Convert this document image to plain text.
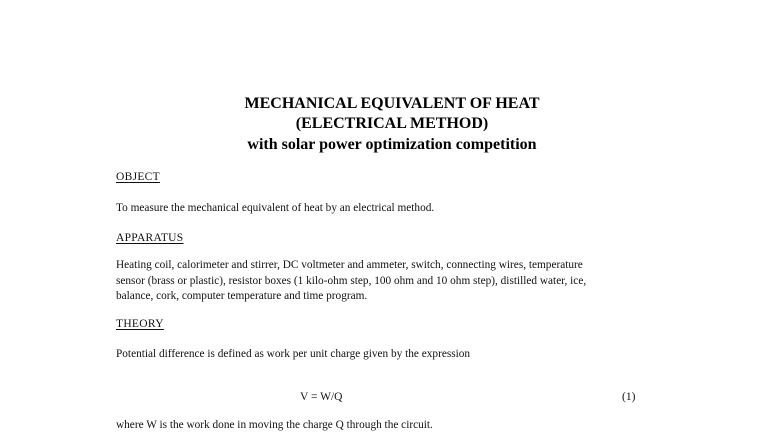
MECHANICAL EQUIVALENT OF HEAT
(ELECTRICAL METHOD)
with solar power optimization competition
OBJECT
To measure the mechanical equivalent of heat by an electrical method.
APPARATUS
Heating coil, calorimeter and stirrer, DC voltmeter and ammeter, switch, connecting wires, temperature
sensor (brass or plastic), resistor boxes (1 kilo-ohm step, 100 ohm and 10 ohm step), distilled water, ice,
balance, cork, computer temperature and time program.
THEORY
Potential difference is defined as work per unit charge given by the expression
V = W/Q	(1)
where W is the work done in moving the charge Q through the circuit.
